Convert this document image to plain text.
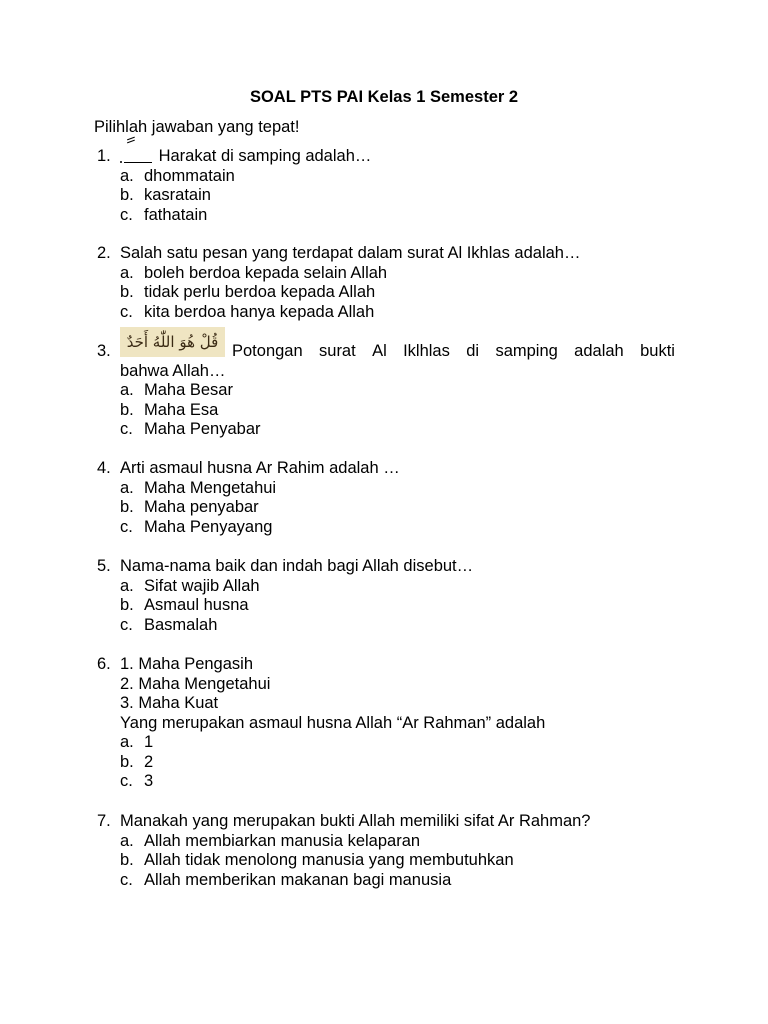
SOAL PTS PAI Kelas 1 Semester 2
Pilihlah jawaban yang tepat!
1.	Harakat di samping adalah…
a. dhommatain
b. kasratain
c. fathatain
2. Salah satu pesan yang terdapat dalam surat Al Ikhlas adalah…
a. boleh berdoa kepada selain Allah
b. tidak perlu berdoa kepada Allah
c. kita berdoa hanya kepada Allah
3.	قُلْ هُوَ اللّٰهُ أَحَدٌ Potongan surat Al Iklhlas di samping adalah bukti
bahwa Allah…
a. Maha Besar
b. Maha Esa
c. Maha Penyabar
4. Arti asmaul husna Ar Rahim adalah …
a. Maha Mengetahui
b. Maha penyabar
c. Maha Penyayang
5. Nama-nama baik dan indah bagi Allah disebut…
a. Sifat wajib Allah
b. Asmaul husna
c. Basmalah
6. 1. Maha Pengasih
2. Maha Mengetahui
3. Maha Kuat
Yang merupakan asmaul husna Allah “Ar Rahman” adalah
a. 1
b. 2
c. 3
7. Manakah yang merupakan bukti Allah memiliki sifat Ar Rahman?
a. Allah membiarkan manusia kelaparan
b. Allah tidak menolong manusia yang membutuhkan
c. Allah memberikan makanan bagi manusia
